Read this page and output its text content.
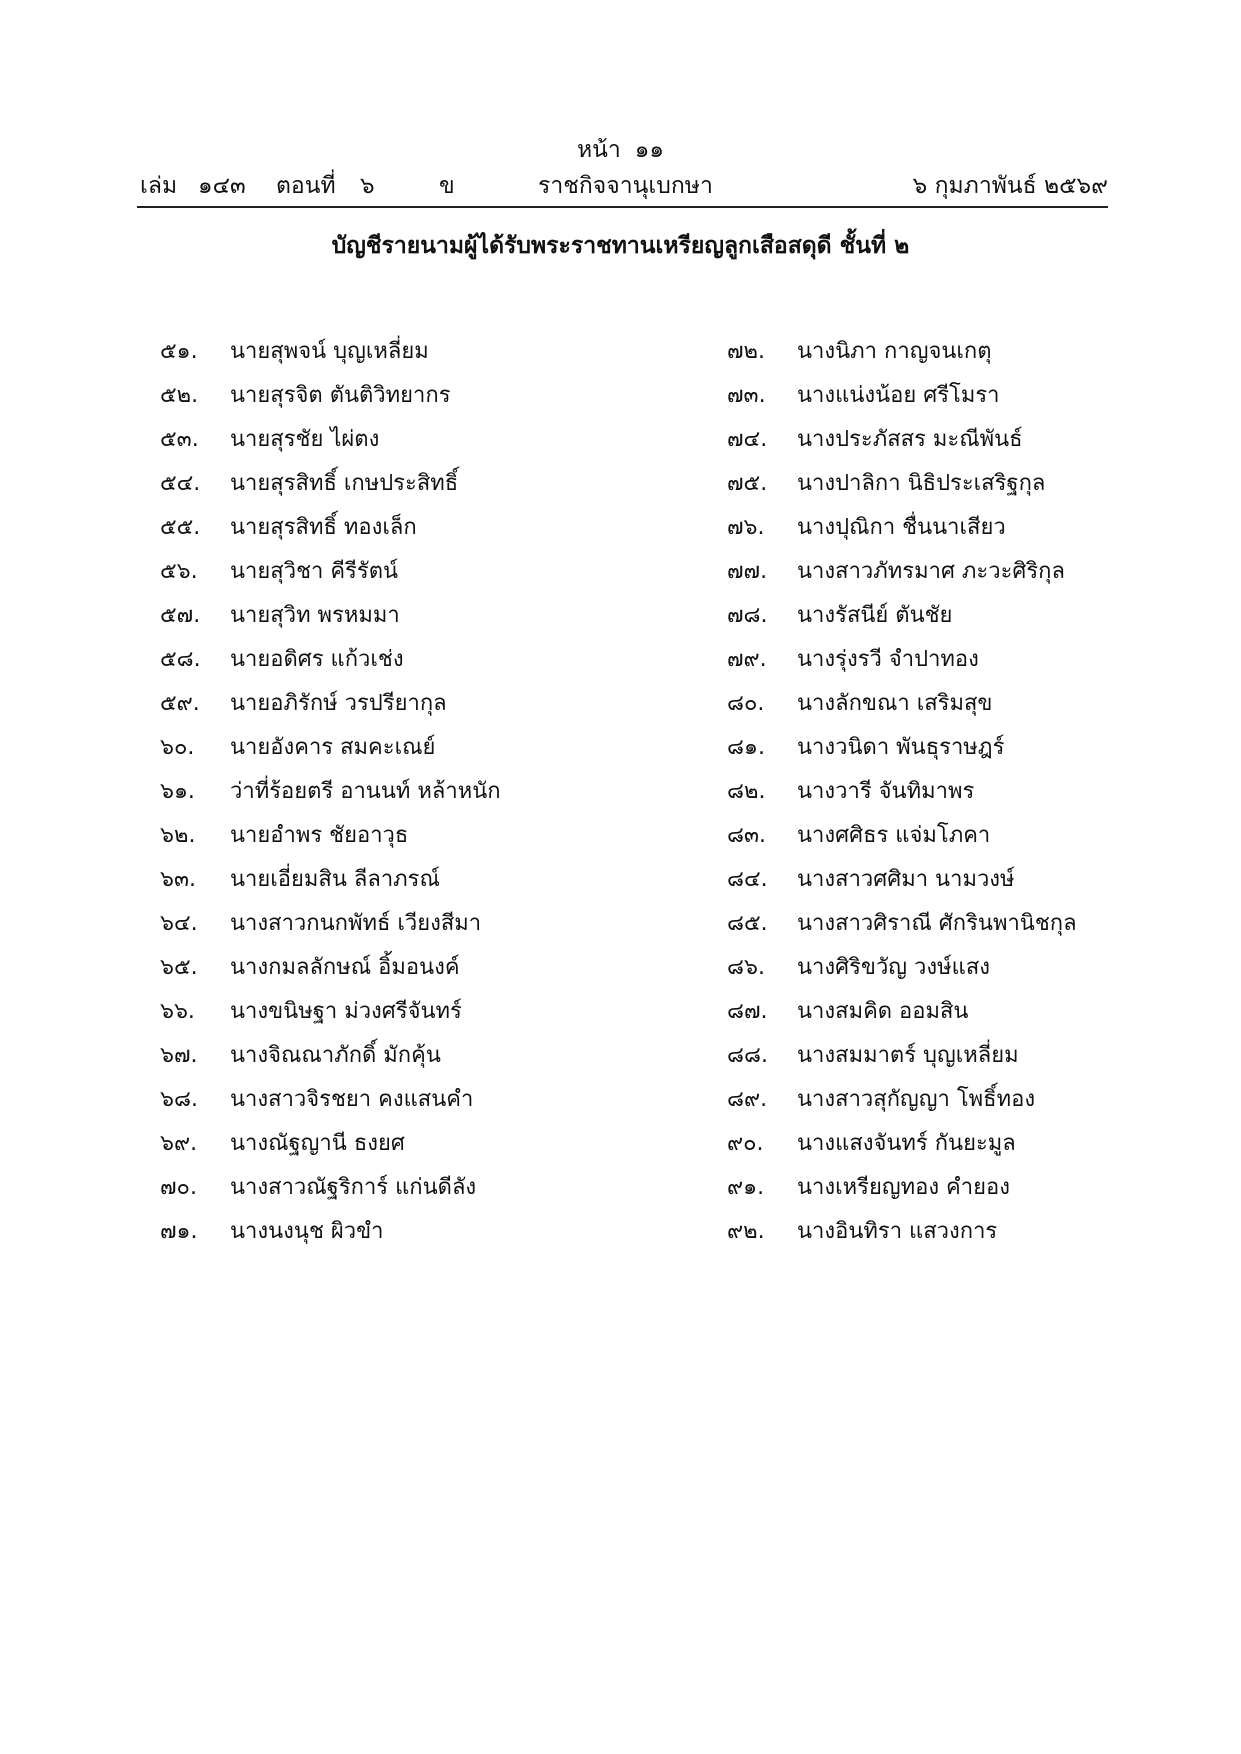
หน้า ๑๑
เล่ม ๑๔๓ ตอนที่ ๖	ข	ราชกิจจานุเบกษา	๖ กุมภาพันธ์ ๒๕๖๙
บัญชีรายนามผู้ได้รับพระราชทานเหรียญลูกเสือสดุดี ชั้นที่ ๒
๕๑. นายสุพจน์ บุญเหลี่ยม
๕๒. นายสุรจิต ตันติวิทยากร
๕๓. นายสุรชัย ไผ่ตง
๕๔. นายสุรสิทธิ์ เกษประสิทธิ์
๕๕. นายสุรสิทธิ์ ทองเล็ก
๕๖. นายสุวิชา คีรีรัตน์
๕๗. นายสุวิท พรหมมา
๕๘. นายอดิศร แก้วเช่ง
๕๙. นายอภิรักษ์ วรปรียากุล
๖๐. นายอังคาร สมคะเณย์
๖๑. ว่าที่ร้อยตรี อานนท์ หล้าหนัก
๖๒. นายอำพร ชัยอาวุธ
๖๓. นายเอี่ยมสิน ลีลาภรณ์
๖๔. นางสาวกนกพัทธ์ เวียงสีมา
๖๕. นางกมลลักษณ์ อิ้มอนงค์
๖๖. นางขนิษฐา ม่วงศรีจันทร์
๖๗. นางจิณณาภักดิ์ มักคุ้น
๖๘. นางสาวจิรชยา คงแสนคำ
๖๙. นางณัฐญานี ธงยศ
๗๐. นางสาวณัฐริการ์ แก่นดีลัง
๗๑. นางนงนุช ผิวขำ
๗๒. นางนิภา กาญจนเกตุ
๗๓. นางแน่งน้อย ศรีโมรา
๗๔. นางประภัสสร มะณีพันธ์
๗๕. นางปาลิกา นิธิประเสริฐกุล
๗๖. นางปุณิกา ชื่นนาเสียว
๗๗. นางสาวภัทรมาศ ภะวะศิริกุล
๗๘. นางรัสนีย์ ตันชัย
๗๙. นางรุ่งรวี จำปาทอง
๘๐. นางลักขณา เสริมสุข
๘๑. นางวนิดา พันธุราษฎร์
๘๒. นางวารี จันทิมาพร
๘๓. นางศศิธร แจ่มโภคา
๘๔. นางสาวศศิมา นามวงษ์
๘๕. นางสาวศิราณี ศักรินพานิชกุล
๘๖. นางศิริขวัญ วงษ์แสง
๘๗. นางสมคิด ออมสิน
๘๘. นางสมมาตร์ บุญเหลี่ยม
๘๙. นางสาวสุกัญญา โพธิ์ทอง
๙๐. นางแสงจันทร์ กันยะมูล
๙๑. นางเหรียญทอง คำยอง
๙๒. นางอินทิรา แสวงการ
